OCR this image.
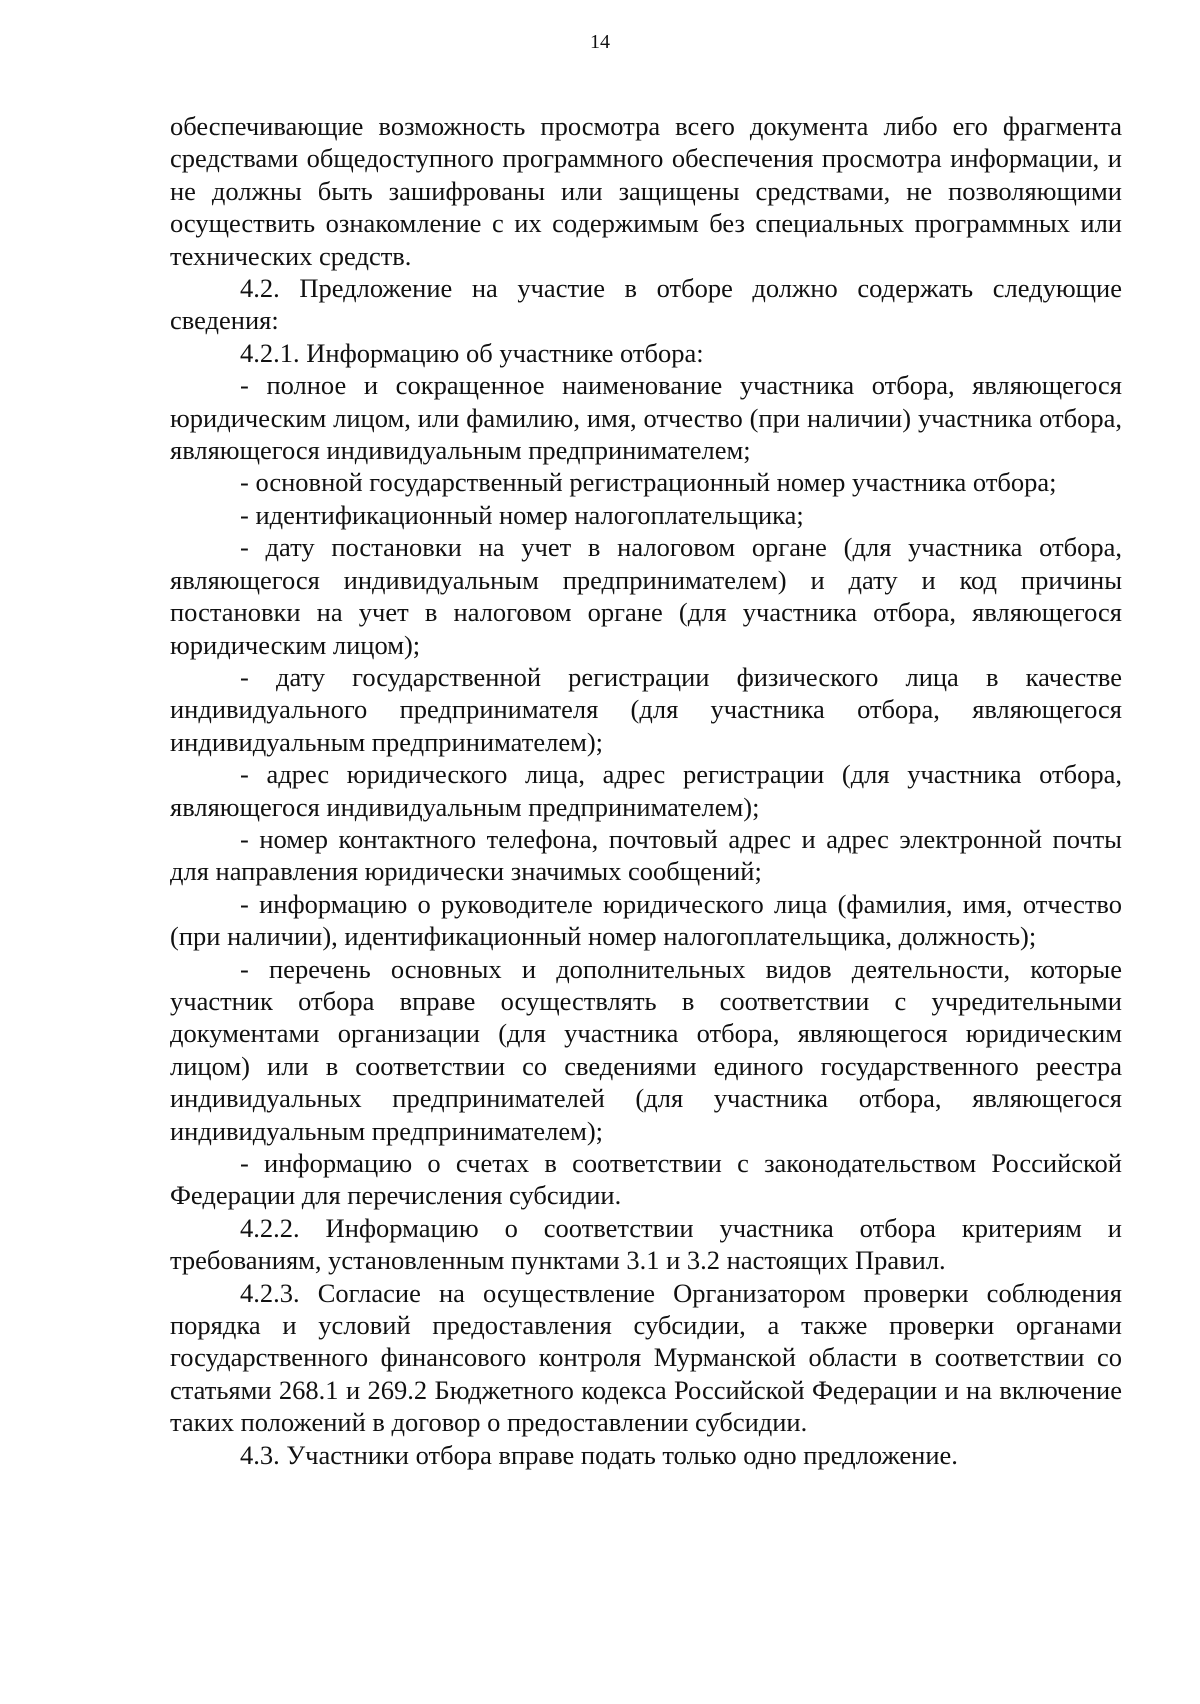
14

обеспечивающие возможность просмотра всего документа либо его фрагмента средствами общедоступного программного обеспечения просмотра информации, и не должны быть зашифрованы или защищены средствами, не позволяющими осуществить ознакомление с их содержимым без специальных программных или технических средств.

4.2. Предложение на участие в отборе должно содержать следующие сведения:

4.2.1. Информацию об участнике отбора:

- полное и сокращенное наименование участника отбора, являющегося юридическим лицом, или фамилию, имя, отчество (при наличии) участника отбора, являющегося индивидуальным предпринимателем;

- основной государственный регистрационный номер участника отбора;

- идентификационный номер налогоплательщика;

- дату постановки на учет в налоговом органе (для участника отбора, являющегося индивидуальным предпринимателем) и дату и код причины постановки на учет в налоговом органе (для участника отбора, являющегося юридическим лицом);

- дату государственной регистрации физического лица в качестве индивидуального предпринимателя (для участника отбора, являющегося индивидуальным предпринимателем);

- адрес юридического лица, адрес регистрации (для участника отбора, являющегося индивидуальным предпринимателем);

- номер контактного телефона, почтовый адрес и адрес электронной почты для направления юридически значимых сообщений;

- информацию о руководителе юридического лица (фамилия, имя, отчество (при наличии), идентификационный номер налогоплательщика, должность);

- перечень основных и дополнительных видов деятельности, которые участник отбора вправе осуществлять в соответствии с учредительными документами организации (для участника отбора, являющегося юридическим лицом) или в соответствии со сведениями единого государственного реестра индивидуальных предпринимателей (для участника отбора, являющегося индивидуальным предпринимателем);

- информацию о счетах в соответствии с законодательством Российской Федерации для перечисления субсидии.

4.2.2. Информацию о соответствии участника отбора критериям и требованиям, установленным пунктами 3.1 и 3.2 настоящих Правил.

4.2.3. Согласие на осуществление Организатором проверки соблюдения порядка и условий предоставления субсидии, а также проверки органами государственного финансового контроля Мурманской области в соответствии со статьями 268.1 и 269.2 Бюджетного кодекса Российской Федерации и на включение таких положений в договор о предоставлении субсидии.

4.3. Участники отбора вправе подать только одно предложение.
